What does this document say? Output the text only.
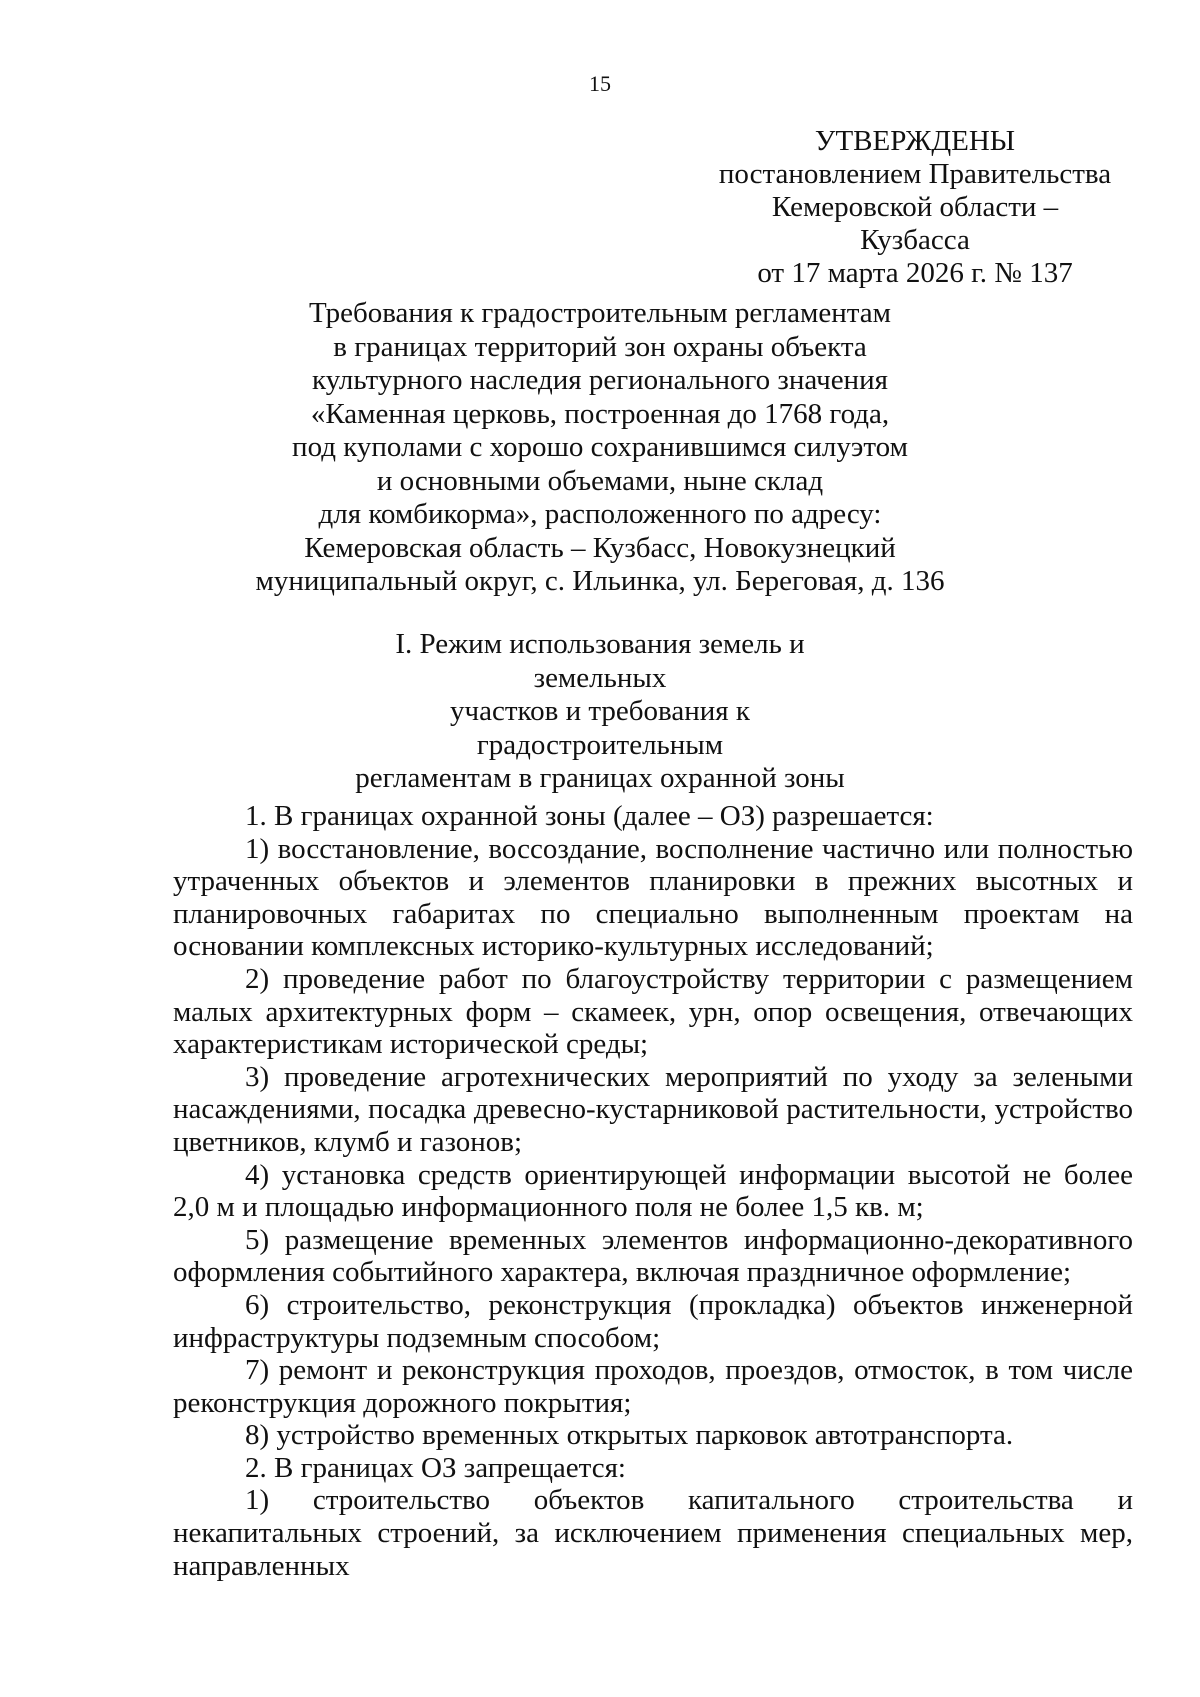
15
УТВЕРЖДЕНЫ
постановлением Правительства
Кемеровской области – Кузбасса
от 17 марта 2026 г. № 137
Требования к градостроительным регламентам
в границах территорий зон охраны объекта
культурного наследия регионального значения
«Каменная церковь, построенная до 1768 года,
под куполами с хорошо сохранившимся силуэтом
и основными объемами, ныне склад
для комбикорма», расположенного по адресу:
Кемеровская область – Кузбасс, Новокузнецкий
муниципальный округ, с. Ильинка, ул. Береговая, д. 136
I. Режим использования земель и земельных
участков и требования к градостроительным
регламентам в границах охранной зоны

1. В границах охранной зоны (далее – ОЗ) разрешается:

1) восстановление, воссоздание, восполнение частично или полностью утраченных объектов и элементов планировки в прежних высотных и планировочных габаритах по специально выполненным проектам на основании комплексных историко-культурных исследований;

2) проведение работ по благоустройству территории с размещением малых архитектурных форм – скамеек, урн, опор освещения, отвечающих характеристикам исторической среды;

3) проведение агротехнических мероприятий по уходу за зелеными насаждениями, посадка древесно-кустарниковой растительности, устройство цветников, клумб и газонов;

4) установка средств ориентирующей информации высотой не более 2,0 м и площадью информационного поля не более 1,5 кв. м;

5) размещение временных элементов информационно-декоративного оформления событийного характера, включая праздничное оформление;

6) строительство, реконструкция (прокладка) объектов инженерной инфраструктуры подземным способом;

7) ремонт и реконструкция проходов, проездов, отмосток, в том числе реконструкция дорожного покрытия;

8) устройство временных открытых парковок автотранспорта.

2. В границах ОЗ запрещается:

1) строительство объектов капитального строительства и некапитальных строений, за исключением применения специальных мер, направленных
